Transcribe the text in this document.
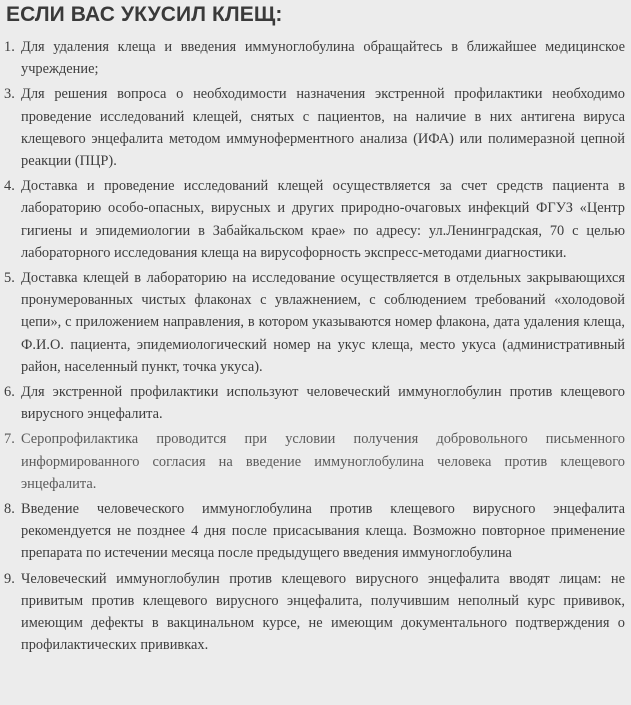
ЕСЛИ ВАС УКУСИЛ КЛЕЩ:
1. Для удаления клеща и введения иммуноглобулина обращайтесь в ближайшее медицинское учреждение;
3. Для решения вопроса о необходимости назначения экстренной профилактики необходимо проведение исследований клещей, снятых с пациентов, на наличие в них антигена вируса клещевого энцефалита методом иммуноферментного анализа (ИФА) или полимеразной цепной реакции (ПЦР).
4. Доставка и проведение исследований клещей осуществляется за счет средств пациента в лабораторию особо-опасных, вирусных и других природно-очаговых инфекций ФГУЗ «Центр гигиены и эпидемиологии в Забайкальском крае» по адресу: ул.Ленинградская, 70 с целью лабораторного исследования клеща на вирусофорность экспресс-методами диагностики.
5. Доставка клещей в лабораторию на исследование осуществляется в отдельных закрывающихся пронумерованных чистых флаконах с увлажнением, с соблюдением требований «холодовой цепи», с приложением направления, в котором указываются номер флакона, дата удаления клеща, Ф.И.О. пациента, эпидемиологический номер на укус клеща, место укуса (административный район, населенный пункт, точка укуса).
6. Для экстренной профилактики используют человеческий иммуноглобулин против клещевого вирусного энцефалита.
7. Серопрофилактика проводится при условии получения добровольного письменного информированного согласия на введение иммуноглобулина человека против клещевого энцефалита.
8. Введение человеческого иммуноглобулина против клещевого вирусного энцефалита рекомендуется не позднее 4 дня после присасывания клеща. Возможно повторное применение препарата по истечении месяца после предыдущего введения иммуноглобулина
9. Человеческий иммуноглобулин против клещевого вирусного энцефалита вводят лицам: не привитым против клещевого вирусного энцефалита, получившим неполный курс прививок, имеющим дефекты в вакцинальном курсе, не имеющим документального подтверждения о профилактических прививках.
